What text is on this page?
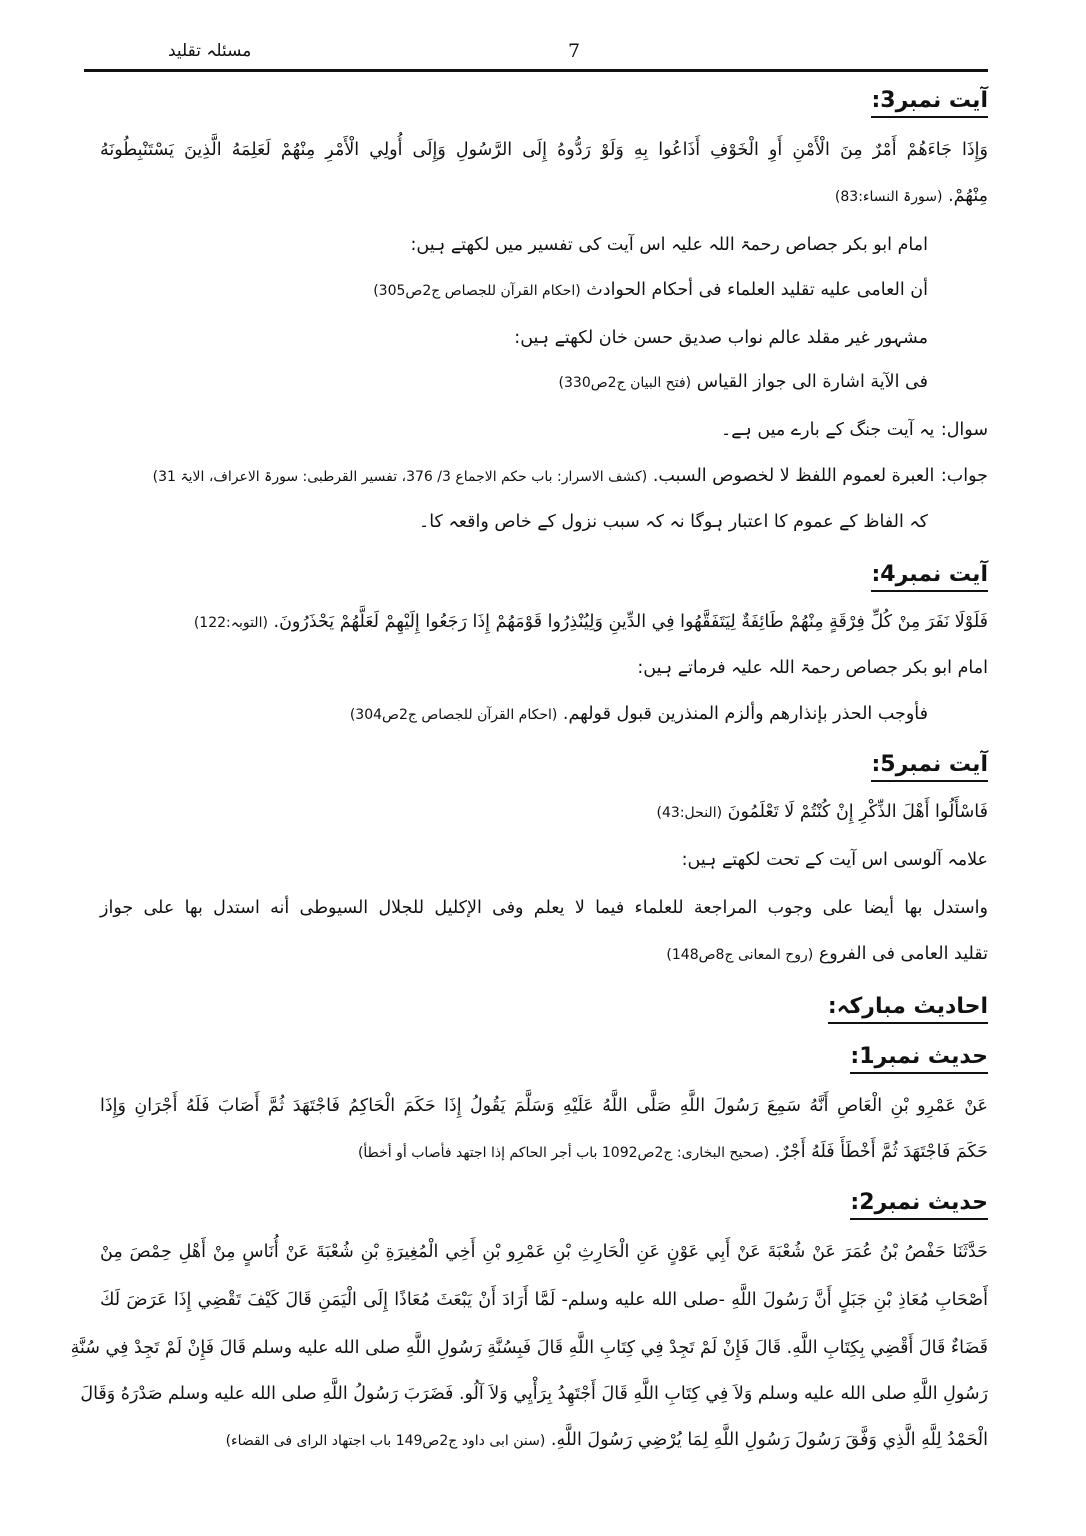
مسئلہ تقلید	7
آیت نمبر3:
وَإِذَا جَاءَهُمْ أَمْرٌ مِنَ الْأَمْنِ أَوِ الْخَوْفِ أَذَاعُوا بِهِ وَلَوْ رَدُّوهُ إِلَى الرَّسُولِ وَإِلَى أُولِي الْأَمْرِ مِنْهُمْ لَعَلِمَهُ الَّذِينَ يَسْتَنْبِطُونَهُ
مِنْهُمْ. (سورۃ النساء:83)
امام ابو بکر جصاص رحمۃ اللہ علیہ اس آیت کی تفسیر میں لکھتے ہیں:
أن العامی علیه تقلید العلماء فی أحکام الحوادث (احکام القرآن للجصاص ج2ص305)
مشہور غیر مقلد عالم نواب صدیق حسن خان لکھتے ہیں:
فی الآیة اشارة الی جواز القیاس (فتح البیان ج2ص330)
سوال: یہ آیت جنگ کے بارے میں ہے۔
جواب: العبرة لعموم اللفظ لا لخصوص السبب. (کشف الاسرار: باب حکم الاجماع 3/ 376، تفسیر القرطبی: سورۃ الاعراف، الایۃ 31)
کہ الفاظ کے عموم کا اعتبار ہوگا نہ کہ سبب نزول کے خاص واقعہ کا۔
آیت نمبر4:
فَلَوْلَا نَفَرَ مِنْ كُلِّ فِرْقَةٍ مِنْهُمْ طَائِفَةٌ لِيَتَفَقَّهُوا فِي الدِّينِ وَلِيُنْذِرُوا قَوْمَهُمْ إِذَا رَجَعُوا إِلَيْهِمْ لَعَلَّهُمْ يَحْذَرُونَ. (التوبہ:122)
امام ابو بکر جصاص رحمۃ اللہ علیہ فرماتے ہیں:
فأوجب الحذر بإنذارهم وألزم المنذرين قبول قولهم. (احکام القرآن للجصاص ج2ص304)
آیت نمبر5:
فَاسْأَلُوا أَهْلَ الذِّكْرِ إِنْ كُنْتُمْ لَا تَعْلَمُونَ (النحل:43)
علامہ آلوسی اس آیت کے تحت لکھتے ہیں:
واستدل بها أیضا علی وجوب المراجعة للعلماء فیما لا یعلم وفی الإکلیل للجلال السیوطی أنه استدل بها علی جواز
تقلید العامی فی الفروع (روح المعانی ج8ص148)
احادیث مبارکہ:
حدیث نمبر1:
عَنْ عَمْرِو بْنِ الْعَاصِ أَنَّهُ سَمِعَ رَسُولَ اللَّهِ صَلَّى اللَّهُ عَلَيْهِ وَسَلَّمَ يَقُولُ إِذَا حَكَمَ الْحَاكِمُ فَاجْتَهَدَ ثُمَّ أَصَابَ فَلَهُ أَجْرَانِ وَإِذَا
حَكَمَ فَاجْتَهَدَ ثُمَّ أَخْطَأَ فَلَهُ أَجْرٌ. (صحیح البخاری: ج2ص1092 باب أجر الحاکم إذا اجتهد فأصاب أو أخطأ)
حدیث نمبر2:
حَدَّثَنَا حَفْصُ بْنُ عُمَرَ عَنْ شُعْبَةَ عَنْ أَبِي عَوْنٍ عَنِ الْحَارِثِ بْنِ عَمْرِو بْنِ أَخِي الْمُغِيرَةِ بْنِ شُعْبَةَ عَنْ أُنَاسٍ مِنْ أَهْلِ حِمْصَ مِنْ
أَصْحَابِ مُعَاذِ بْنِ جَبَلٍ أَنَّ رَسُولَ اللَّهِ -صلى الله عليه وسلم- لَمَّا أَرَادَ أَنْ يَبْعَثَ مُعَاذًا إِلَى الْيَمَنِ قَالَ كَيْفَ تَقْضِي إِذَا عَرَضَ لَكَ
قَضَاءٌ قَالَ أَقْضِي بِكِتَابِ اللَّهِ. قَالَ فَإِنْ لَمْ تَجِدْ فِي كِتَابِ اللَّهِ قَالَ فَبِسُنَّةِ رَسُولِ اللَّهِ صلى الله عليه وسلم قَالَ فَإِنْ لَمْ تَجِدْ فِي سُنَّةِ
رَسُولِ اللَّهِ صلى الله عليه وسلم وَلاَ فِي كِتَابِ اللَّهِ قَالَ أَجْتَهِدُ بِرَأْيِي وَلاَ آلُو. فَضَرَبَ رَسُولُ اللَّهِ صلى الله عليه وسلم صَدْرَهُ وَقَالَ
الْحَمْدُ لِلَّهِ الَّذِي وَفَّقَ رَسُولَ رَسُولِ اللَّهِ لِمَا يُرْضِي رَسُولَ اللَّهِ. (سنن ابی داود ج2ص149 باب اجتهاد الرای فی القضاء)
